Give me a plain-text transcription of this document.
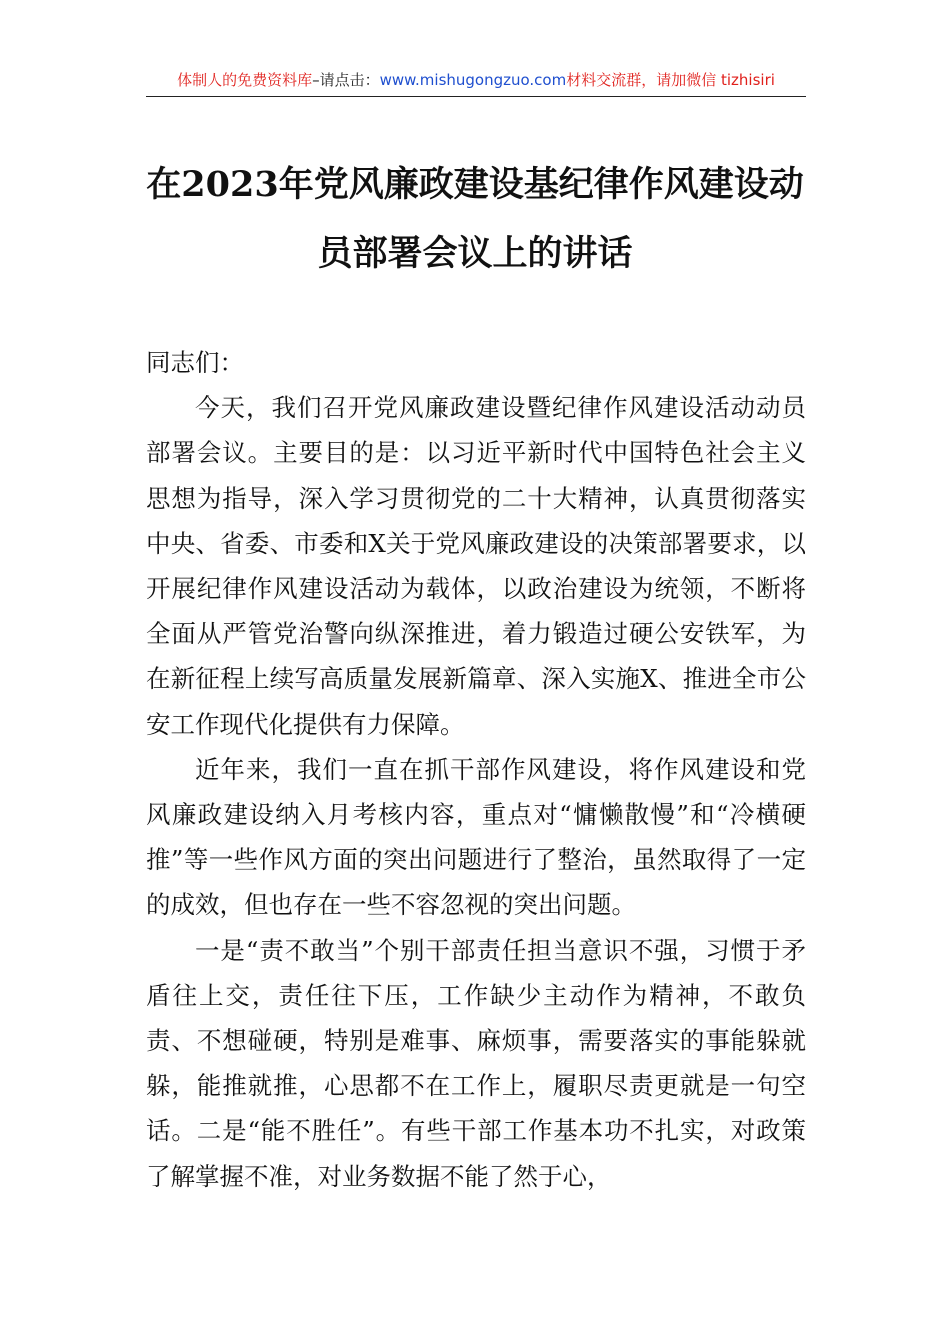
体制人的免费资料库–请点击：www.mishugongzuo.com材料交流群，请加微信 tizhisiri
在2023年党风廉政建设基纪律作风建设动
员部署会议上的讲话

同志们：

今天，我们召开党风廉政建设暨纪律作风建设活动动员部署会议。主要目的是：以习近平新时代中国特色社会主义思想为指导，深入学习贯彻党的二十大精神，认真贯彻落实中央、省委、市委和X关于党风廉政建设的决策部署要求，以开展纪律作风建设活动为载体，以政治建设为统领，不断将全面从严管党治警向纵深推进，着力锻造过硬公安铁军，为在新征程上续写高质量发展新篇章、深入实施X、推进全市公安工作现代化提供有力保障。

近年来，我们一直在抓干部作风建设，将作风建设和党风廉政建设纳入月考核内容，重点对“慵懒散慢”和“冷横硬推”等一些作风方面的突出问题进行了整治，虽然取得了一定的成效，但也存在一些不容忽视的突出问题。

一是“责不敢当”个别干部责任担当意识不强，习惯于矛盾往上交，责任往下压，工作缺少主动作为精神，不敢负责、不想碰硬，特别是难事、麻烦事，需要落实的事能躲就躲，能推就推，心思都不在工作上，履职尽责更就是一句空话。二是“能不胜任”。有些干部工作基本功不扎实，对政策了解掌握不准，对业务数据不能了然于心，
